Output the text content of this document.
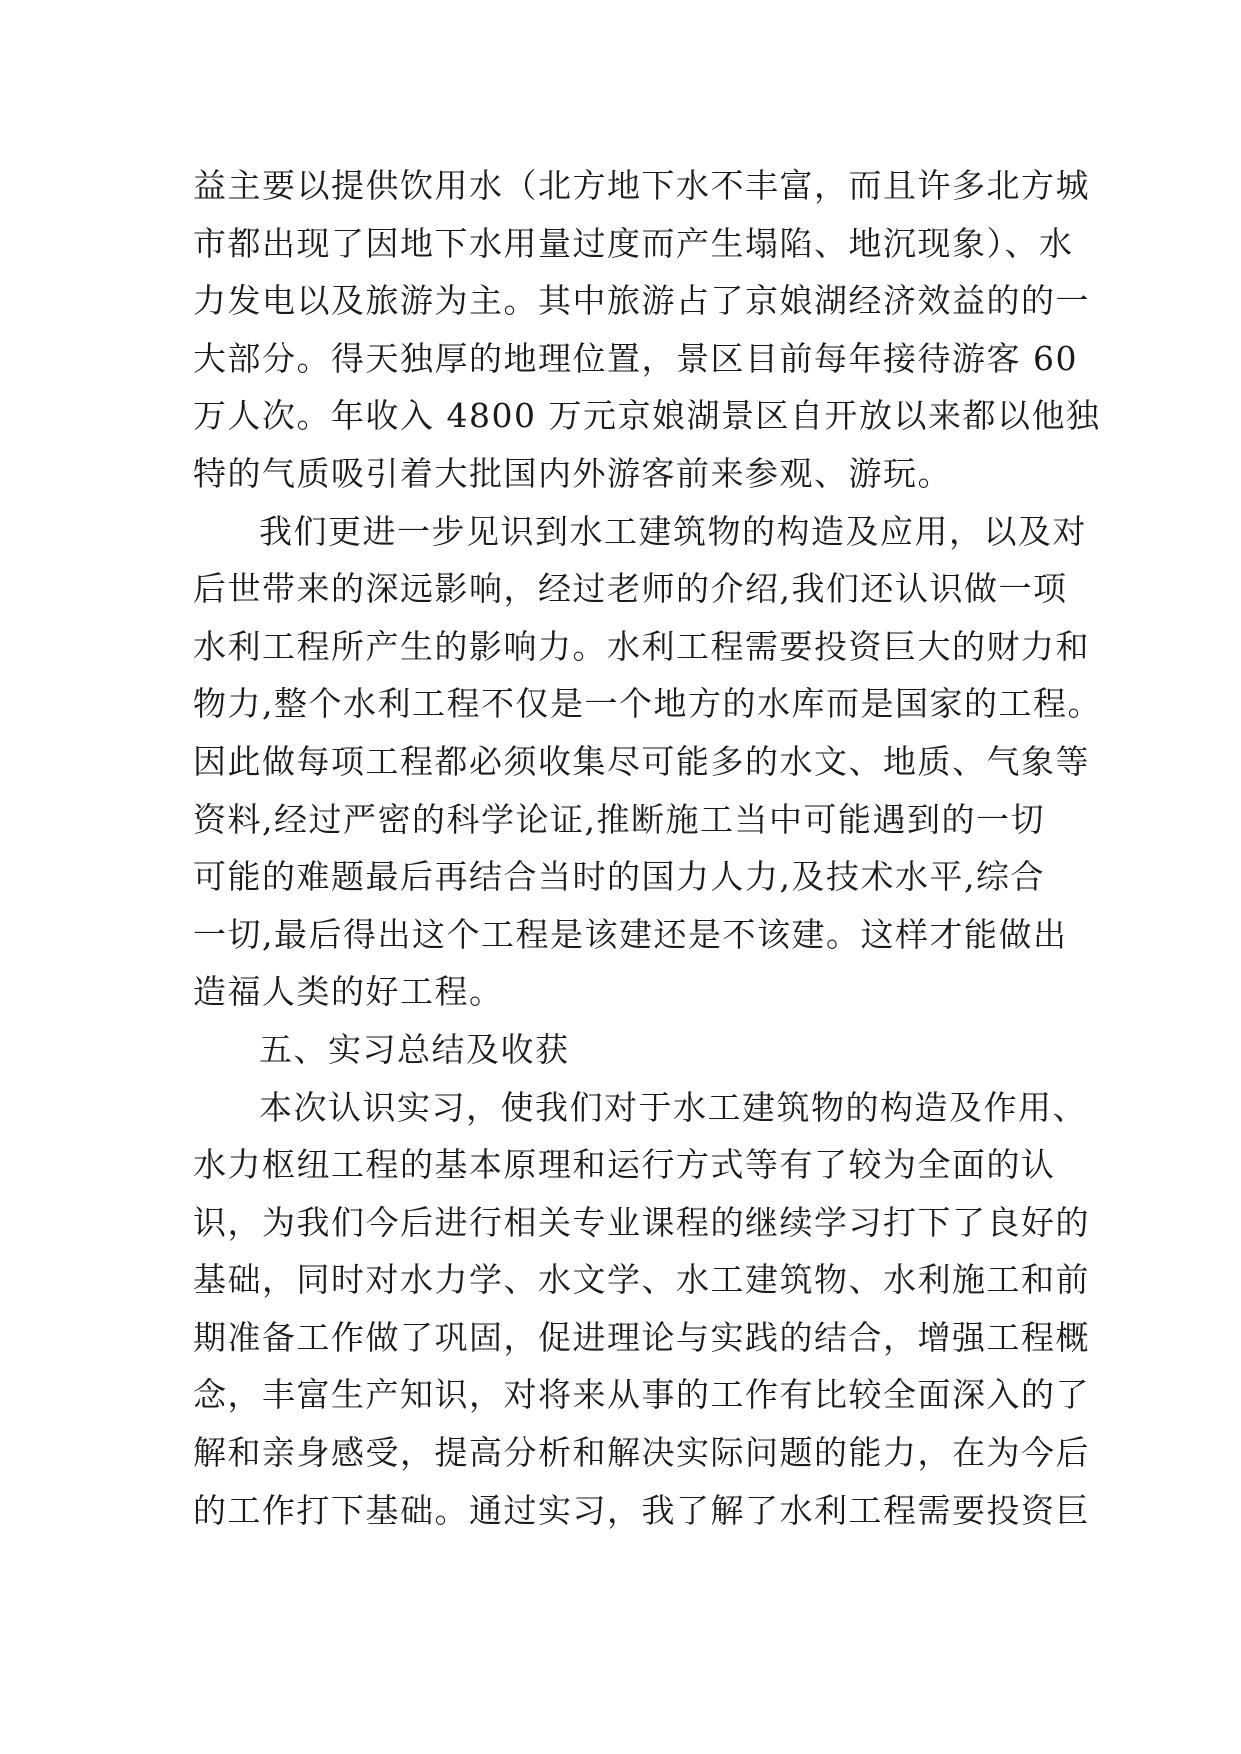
益主要以提供饮用水（北方地下水不丰富，而且许多北方城
市都出现了因地下水用量过度而产生塌陷、地沉现象）、水
力发电以及旅游为主。其中旅游占了京娘湖经济效益的的一
大部分。得天独厚的地理位置，景区目前每年接待游客 60
万人次。年收入 4800 万元京娘湖景区自开放以来都以他独
特的气质吸引着大批国内外游客前来参观、游玩。
我们更进一步见识到水工建筑物的构造及应用，以及对
后世带来的深远影响，经过老师的介绍,我们还认识做一项
水利工程所产生的影响力。水利工程需要投资巨大的财力和
物力,整个水利工程不仅是一个地方的水库而是国家的工程。
因此做每项工程都必须收集尽可能多的水文、地质、气象等
资料,经过严密的科学论证,推断施工当中可能遇到的一切
可能的难题最后再结合当时的国力人力,及技术水平,综合
一切,最后得出这个工程是该建还是不该建。这样才能做出
造福人类的好工程。
五、实习总结及收获
本次认识实习，使我们对于水工建筑物的构造及作用、
水力枢纽工程的基本原理和运行方式等有了较为全面的认
识，为我们今后进行相关专业课程的继续学习打下了良好的
基础，同时对水力学、水文学、水工建筑物、水利施工和前
期准备工作做了巩固，促进理论与实践的结合，增强工程概
念，丰富生产知识，对将来从事的工作有比较全面深入的了
解和亲身感受，提高分析和解决实际问题的能力，在为今后
的工作打下基础。通过实习，我了解了水利工程需要投资巨
